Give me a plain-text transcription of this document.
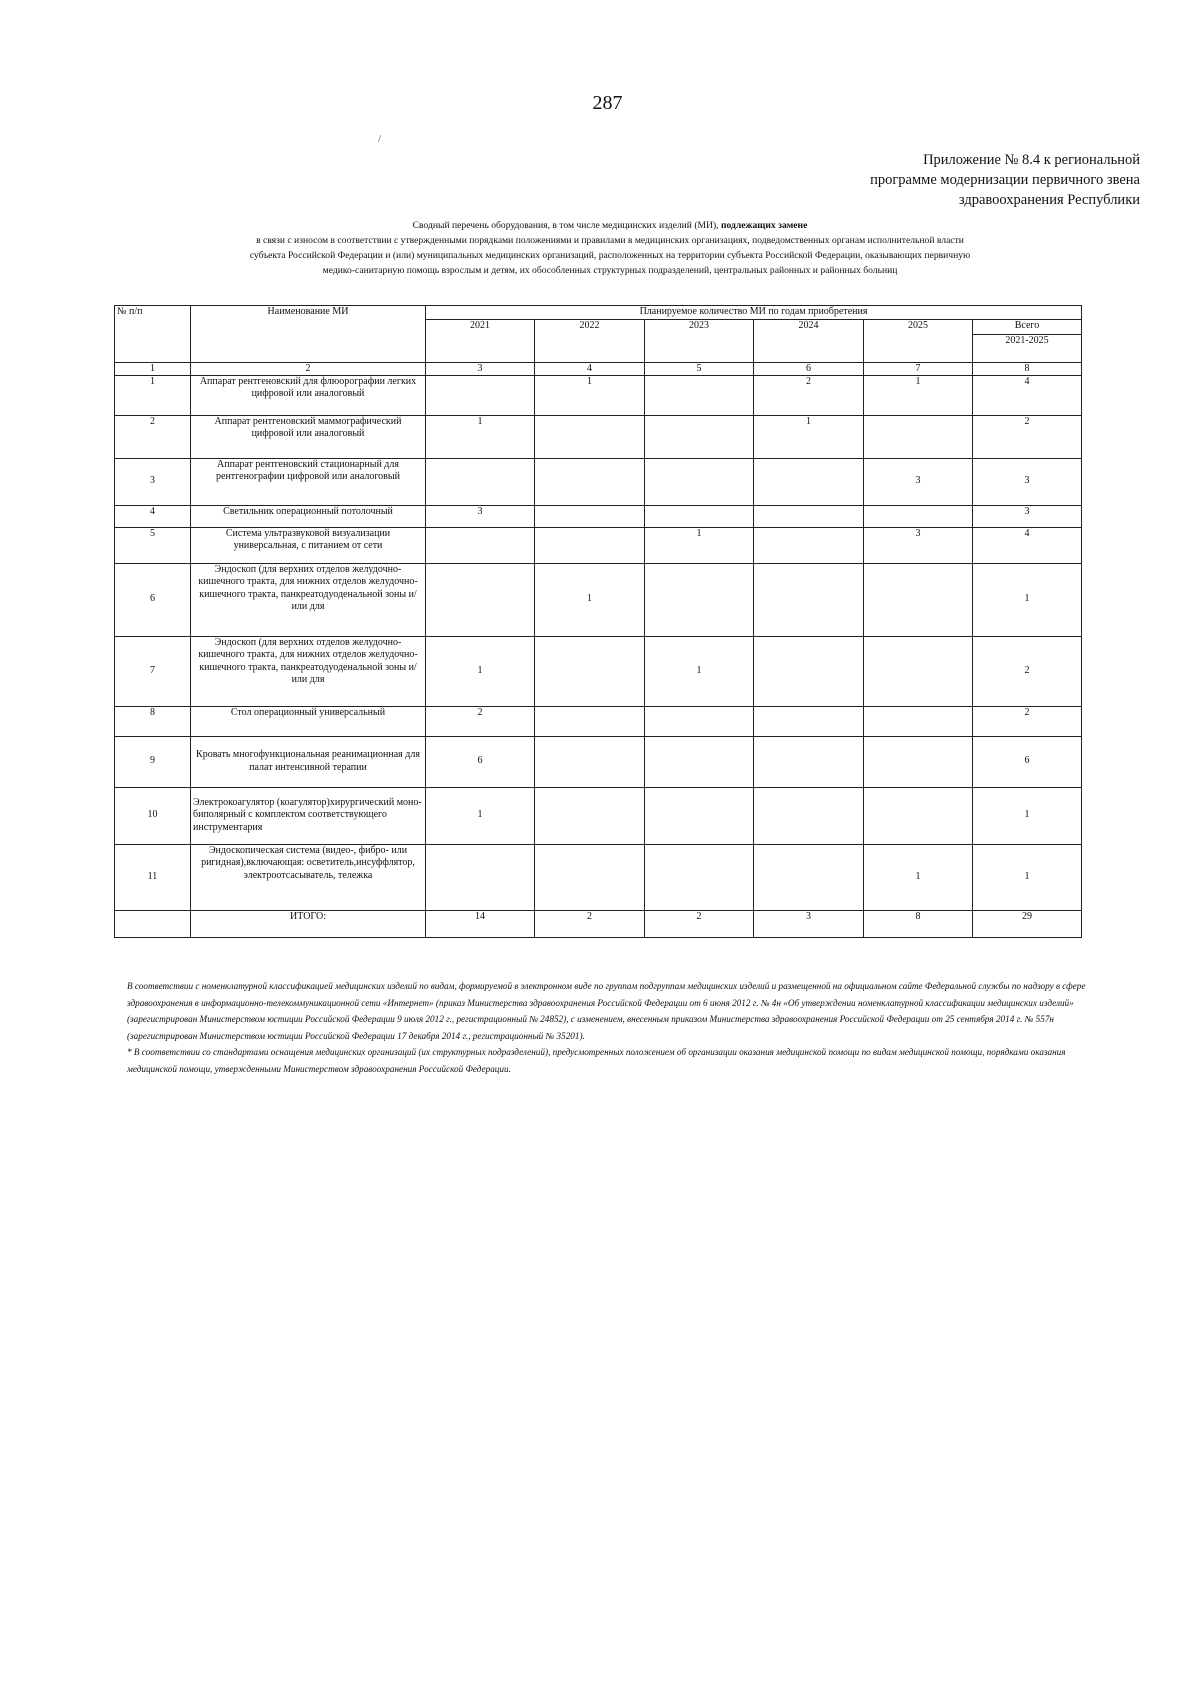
287
/
Приложение № 8.4 к региональной
программе модернизации первичного звена
здравоохранения Республики
Сводный перечень оборудования, в том числе медицинских изделий (МИ), подлежащих замене
в связи с износом в соответствии с утвержденными порядками положениями и правилами в медицинских организациях, подведомственных органам исполнительной власти
субъекта Российской Федерации и (или) муниципальных медицинских организаций, расположенных на территории субъекта Российской Федерации, оказывающих первичную
медико-санитарную помощь взрослым и детям, их обособленных структурных подразделений, центральных районных и районных больниц
№ п/п	Наименование МИ	Планируемое количество МИ по годам приобретения					
		2021	2022	2023	2024	2025	Всего
							2021-2025
1	2	3	4	5	6	7	8
1	Аппарат рентгеновский для флюорографии легких цифровой или аналоговый		1		2	1	4
2	Аппарат рентгеновский маммографический цифровой или аналоговый	1			1		2
3	Аппарат рентгеновский стационарный для рентгенографии цифровой или аналоговый					3	3
4	Светильник операционный потолочный	3					3
5	Система ультразвуковой визуализации универсальная, с питанием от сети			1		3	4
6	Эндоскоп (для верхних отделов желудочно-кишечного тракта, для нижних отделов желудочно-кишечного тракта, панкреатодуоденальной зоны и/или для		1				1
7	Эндоскоп (для верхних отделов желудочно-кишечного тракта, для нижних отделов желудочно-кишечного тракта, панкреатодуоденальной зоны и/или для	1		1			2
8	Стол операционный универсальный	2					2
9	Кровать многофункциональная реанимационная для палат интенсивной терапии	6					6
10	Электрокоагулятор (коагулятор)хирургический моно- биполярный с комплектом соответствующего инструментария	1					1
11	Эндоскопическая система (видео-, фибро- или ригидная),включающая: осветитель,инсуффлятор, электроотсасыватель, тележка					1	1
	ИТОГО:	14	2	2	3	8	29

В соответствии с номенклатурной классификацией медицинских изделий по видам, формируемой в электронном виде по группам подгруппам медицинских изделий и размещенной на официальном сайте Федеральной службы по надзору в сфере здравоохранения в информационно-телекоммуникационной сети «Интернет» (приказ Министерства здравоохранения Российской Федерации от 6 июня 2012 г. № 4н «Об утверждении номенклатурной классификации медицинских изделий» (зарегистрирован Министерством юстиции Российской Федерации 9 июля 2012 г., регистрационный № 24852), с изменением, внесенным приказом Министерства здравоохранения Российской Федерации от 25 сентября 2014 г. № 557н (зарегистрирован Министерством юстиции Российской Федерации 17 декабря 2014 г., регистрационный № 35201).

* В соответствии со стандартами оснащения медицинских организаций (их структурных подразделений), предусмотренных положением об организации оказания медицинской помощи по видам медицинской помощи, порядками оказания медицинской помощи, утвержденными Министерством здравоохранения Российской Федерации.
